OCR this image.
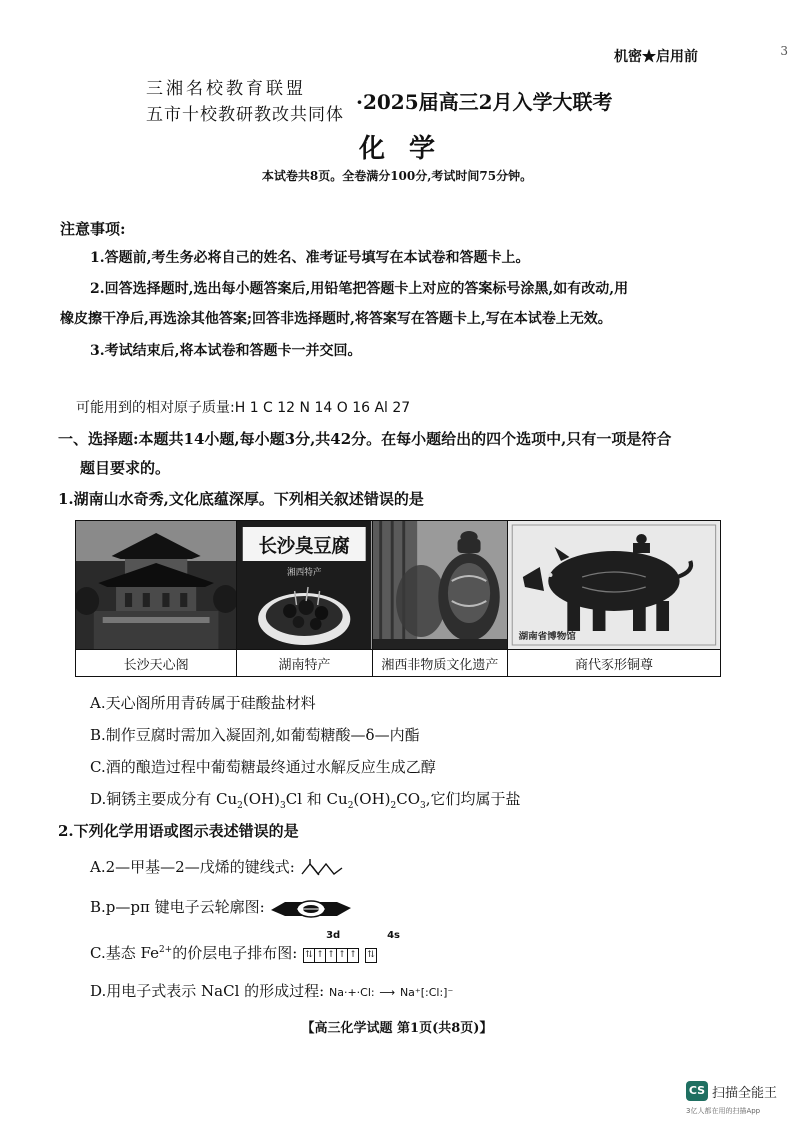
3
机密★启用前
三湘名校教育联盟
五市十校教研教改共同体
·2025届高三2月入学大联考
化学
本试卷共8页。全卷满分100分,考试时间75分钟。
注意事项:
1.答题前,考生务必将自己的姓名、准考证号填写在本试卷和答题卡上。
2.回答选择题时,选出每小题答案后,用铅笔把答题卡上对应的答案标号涂黑,如有改动,用
橡皮擦干净后,再选涂其他答案;回答非选择题时,将答案写在答题卡上,写在本试卷上无效。
3.考试结束后,将本试卷和答题卡一并交回。
可能用到的相对原子质量:H 1 C 12 N 14 O 16 Al 27
一、选择题:本题共14小题,每小题3分,共42分。在每小题给出的四个选项中,只有一项是符合
题目要求的。
1.湖南山水奇秀,文化底蕴深厚。下列相关叙述错误的是

长沙臭豆腐
湘西特产		湖南省博物馆

长沙天心阁	湖南特产	湘西非物质文化遗产	商代豕形铜尊
A.天心阁所用青砖属于硅酸盐材料
B.制作豆腐时需加入凝固剂,如葡萄糖酸—δ—内酯
C.酒的酿造过程中葡萄糖最终通过水解反应生成乙醇
D.铜锈主要成分有 $Cu_2(OH)_3Cl$ 和 $Cu_2(OH)_2CO_3$,它们均属于盐
2.下列化学用语或图示表述错误的是
A.2—甲基—2—戊烯的键线式:
B.p—pπ 键电子云轮廓图:
C.基态 $Fe^{2+}$的价层电子排布图:
3d	4s
⇅ ↑ ↑ ↑ ↑ ⇅
D.用电子式表示 NaCl 的形成过程: Na·+·Cl: ⟶ Na⁺[:Cl:]⁻
【高三化学试题 第1页(共8页)】
CS 扫描全能王
3亿人都在用的扫描App
